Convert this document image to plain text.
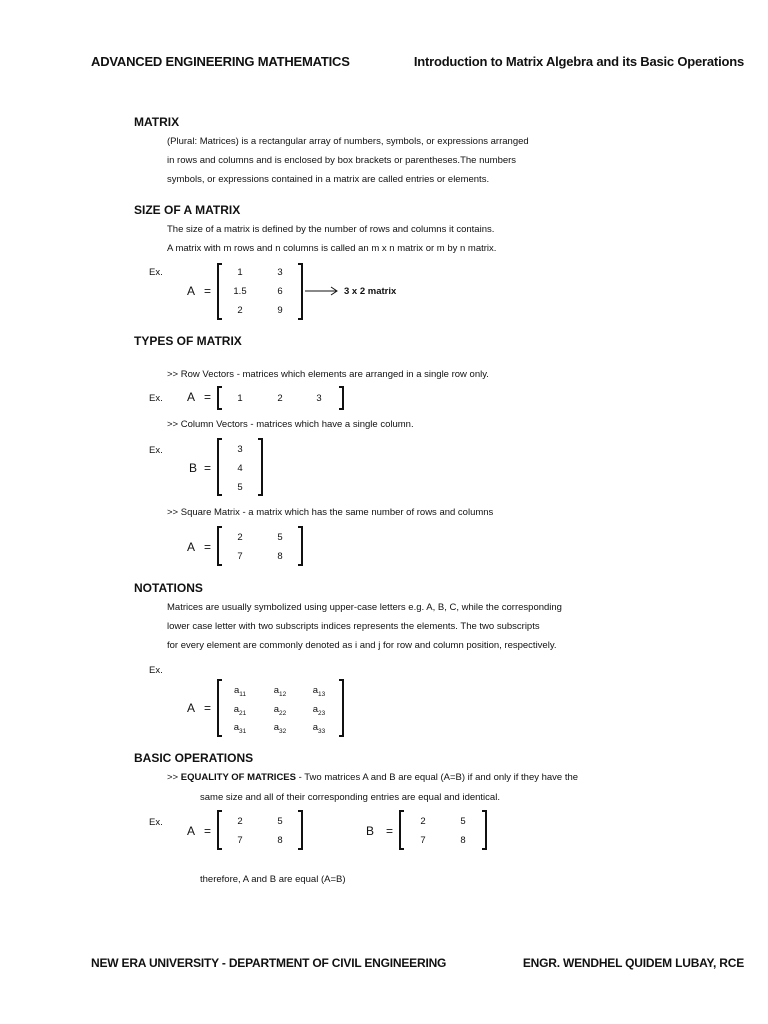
ADVANCED ENGINEERING MATHEMATICS	Introduction to Matrix Algebra and its Basic Operations
MATRIX
(Plural: Matrices) is a rectangular array of numbers, symbols, or expressions arranged
in rows and columns and is enclosed by box brackets or parentheses.The numbers
symbols, or expressions contained in a matrix are called entries or elements.
SIZE OF A MATRIX
The size of a matrix is defined by the number of rows and columns it contains.
A matrix with m rows and n columns is called an m x n matrix or m by n matrix.
Ex.
A =
1	3
1.5	6
2	9
3 x 2 matrix
TYPES OF MATRIX
>> Row Vectors - matrices which elements are arranged in a single row only.
Ex. A =	1	2	3
>> Column Vectors - matrices which have a single column.
Ex.
B =
3
4
5
>> Square Matrix - a matrix which has the same number of rows and columns
A =
2	5
7	8
NOTATIONS
Matrices are usually symbolized using upper-case letters e.g. A, B, C, while the corresponding
lower case letter with two subscripts indices represents the elements. The two subscripts
for every element are commonly denoted as i and j for row and column position, respectively.
Ex.
A =
$a_{11}$	$a_{12}$	$a_{13}$
$a_{21}$	$a_{22}$	$a_{23}$
$a_{31}$	$a_{32}$	$a_{33}$
BASIC OPERATIONS
>> EQUALITY OF MATRICES - Two matrices A and B are equal (A=B) if and only if they have the
same size and all of their corresponding entries are equal and identical.
Ex.
A =
2	5
7	8
B =
2	5
7	8
therefore, A and B are equal (A=B)
NEW ERA UNIVERSITY - DEPARTMENT OF CIVIL ENGINEERING	ENGR. WENDHEL QUIDEM LUBAY, RCE
